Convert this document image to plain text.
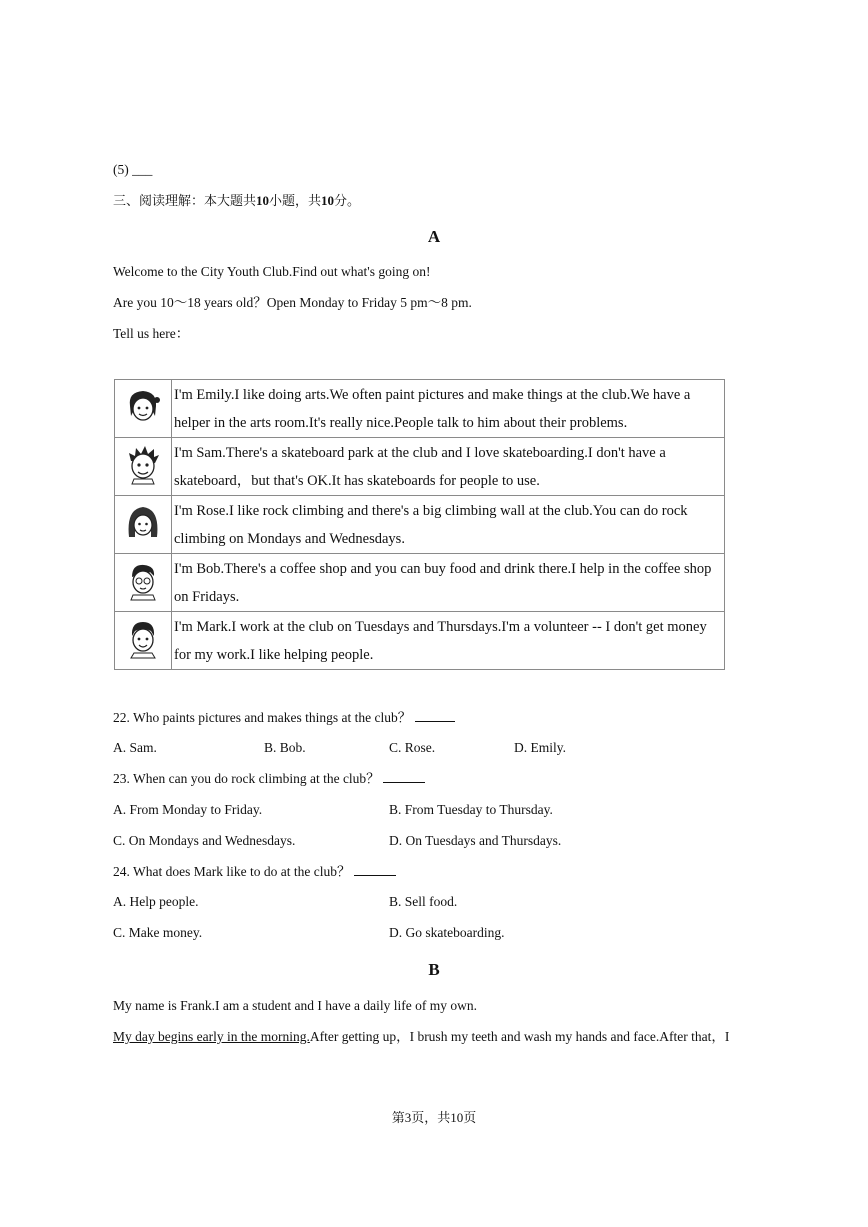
(5) ___
三、阅读理解：本大题共10小题，共10分。
A
Welcome to the City Youth Club.Find out what's going on!
Are you 10～18 years old？Open Monday to Friday 5 pm～8 pm.
Tell us here：
	I'm Emily.I like doing arts.We often paint pictures and make things at the club.We have a helper in the arts room.It's really nice.People talk to him about their problems.
	I'm Sam.There's a skateboard park at the club and I love skateboarding.I don't have a skateboard，but that's OK.It has skateboards for people to use.
	I'm Rose.I like rock climbing and there's a big climbing wall at the club.You can do rock climbing on Mondays and Wednesdays.
	I'm Bob.There's a coffee shop and you can buy food and drink there.I help in the coffee shop on Fridays.
	I'm Mark.I work at the club on Tuesdays and Thursdays.I'm a volunteer -- I don't get money for my work.I like helping people.
22. Who paints pictures and makes things at the club？
A. Sam.	B. Bob.	C. Rose.	D. Emily.
23. When can you do rock climbing at the club？
A. From Monday to Friday.	B. From Tuesday to Thursday.
C. On Mondays and Wednesdays.	D. On Tuesdays and Thursdays.
24. What does Mark like to do at the club？
A. Help people.	B. Sell food.
C. Make money.	D. Go skateboarding.
B
My name is Frank.I am a student and I have a daily life of my own.
My day begins early in the morning.After getting up，I brush my teeth and wash my hands and face.After that，I
第3页，共10页
